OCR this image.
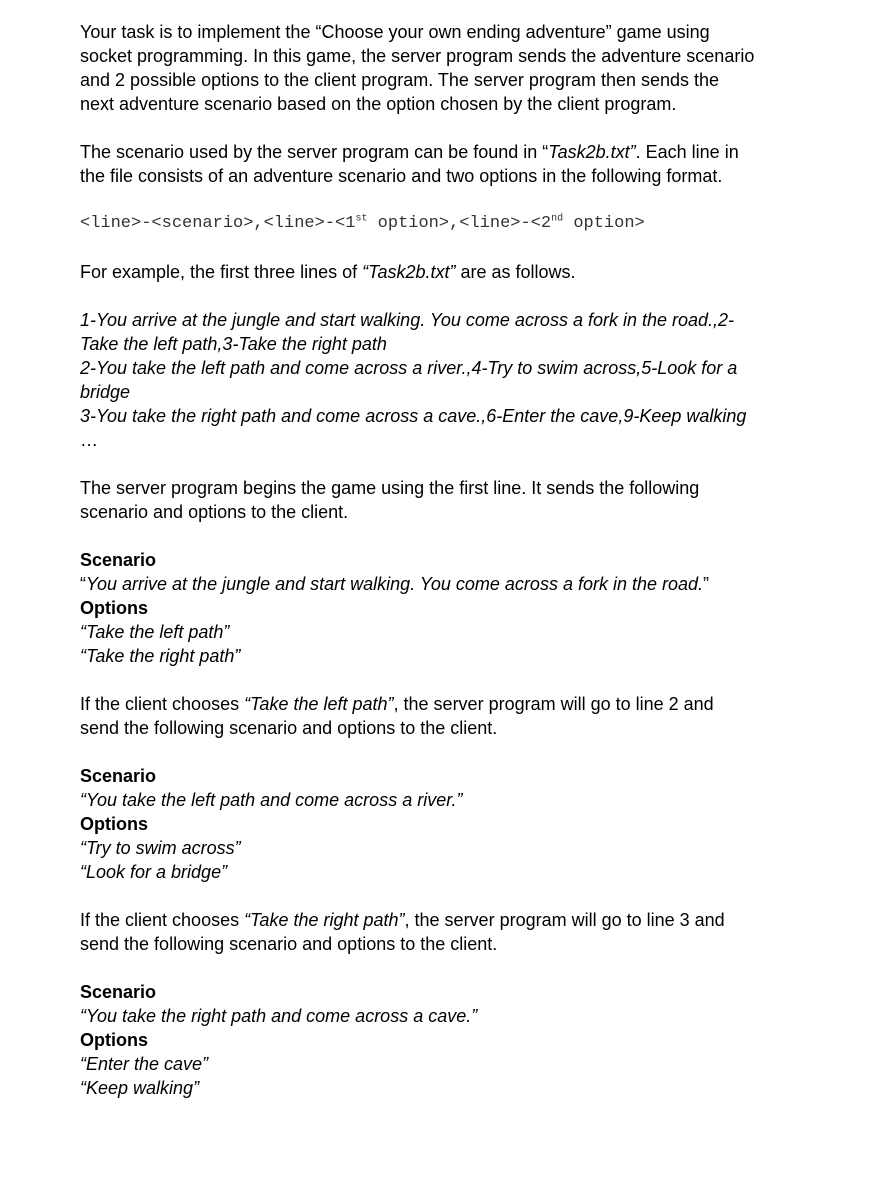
Your task is to implement the “Choose your own ending adventure” game using

socket programming. In this game, the server program sends the adventure scenario

and 2 possible options to the client program. The server program then sends the

next adventure scenario based on the option chosen by the client program.

The scenario used by the server program can be found in “Task2b.txt”. Each line in

the file consists of an adventure scenario and two options in the following format.

<line>-<scenario>,<line>-<1st option>,<line>-<2nd option>

For example, the first three lines of “Task2b.txt” are as follows.

1-You arrive at the jungle and start walking. You come across a fork in the road.,2-

Take the left path,3-Take the right path

2-You take the left path and come across a river.,4-Try to swim across,5-Look for a

bridge

3-You take the right path and come across a cave.,6-Enter the cave,9-Keep walking

…

The server program begins the game using the first line. It sends the following

scenario and options to the client.

Scenario

“You arrive at the jungle and start walking. You come across a fork in the road.”

Options

“Take the left path”

“Take the right path”

If the client chooses “Take the left path”, the server program will go to line 2 and

send the following scenario and options to the client.

Scenario

“You take the left path and come across a river.”

Options

“Try to swim across”

“Look for a bridge”

If the client chooses “Take the right path”, the server program will go to line 3 and

send the following scenario and options to the client.

Scenario

“You take the right path and come across a cave.”

Options

“Enter the cave”

“Keep walking”
